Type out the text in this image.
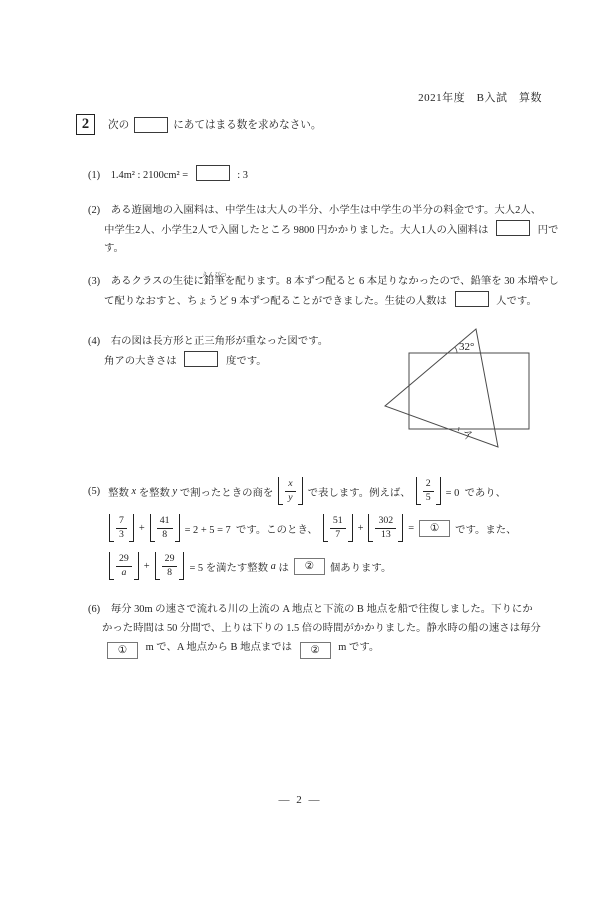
2021年度　B入試　算数
2	次の	にあてはまる数を求めなさい。
(1) 1.4m² : 2100cm² =	: 3
(2) ある遊園地の入園料は、中学生は大人の半分、小学生は中学生の半分の料金です。大人2人、
中学生2人、小学生2人で入園したところ 9800 円かかりました。大人1人の入園料は	円で
す。
(3) あるクラスの生徒に
えんぴつ
鉛筆を配ります。8 本ずつ配ると 6 本足りなかったので、鉛筆を 30 本増やし
て配りなおすと、ちょうど 9 本ずつ配ることができました。生徒の人数は	人です。
(4) 右の図は長方形と正三角形が重なった図です。
角アの大きさは	度です。
32°
ア
(5) 整数 x を整数 y で割ったときの商を $\frac{x}{y}$ で表します。例えば、 $\frac{2}{5} = 0$  であり、
$\frac{7}{3} + \frac{41}{8} = 2 + 5 = 7$  です。このとき、 $\frac{51}{7} + \frac{302}{13}$ =	①	です。また、
$\frac{29}{a} + \frac{29}{8} = 5$ を満たす整数 a は	②	個あります。
(6) 毎分 30m の速さで流れる川の上流の A 地点と下流の B 地点を船で往復しました。下りにか
かった時間は 50 分間で、上りは下りの 1.5 倍の時間がかかりました。静水時の船の速さは毎分
① m で、A 地点から B 地点までは ② m です。
— 2 —
